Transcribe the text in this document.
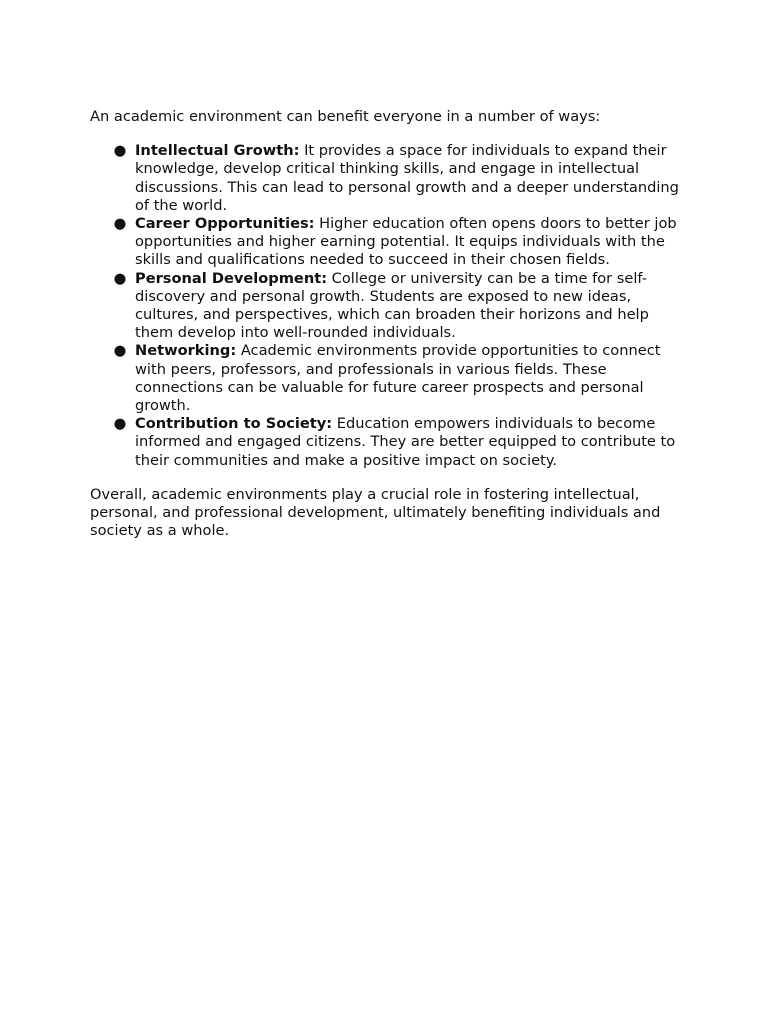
An academic environment can benefit everyone in a number of ways:

● Intellectual Growth: It provides a space for individuals to expand their knowledge, develop critical thinking skills, and engage in intellectual discussions. This can lead to personal growth and a deeper understanding of the world.
● Career Opportunities: Higher education often opens doors to better job opportunities and higher earning potential. It equips individuals with the skills and qualifications needed to succeed in their chosen fields.
● Personal Development: College or university can be a time for self-discovery and personal growth. Students are exposed to new ideas, cultures, and perspectives, which can broaden their horizons and help them develop into well-rounded individuals.
● Networking: Academic environments provide opportunities to connect with peers, professors, and professionals in various fields. These connections can be valuable for future career prospects and personal growth.
● Contribution to Society: Education empowers individuals to become informed and engaged citizens. They are better equipped to contribute to their communities and make a positive impact on society.

Overall, academic environments play a crucial role in fostering intellectual, personal, and professional development, ultimately benefiting individuals and society as a whole.
